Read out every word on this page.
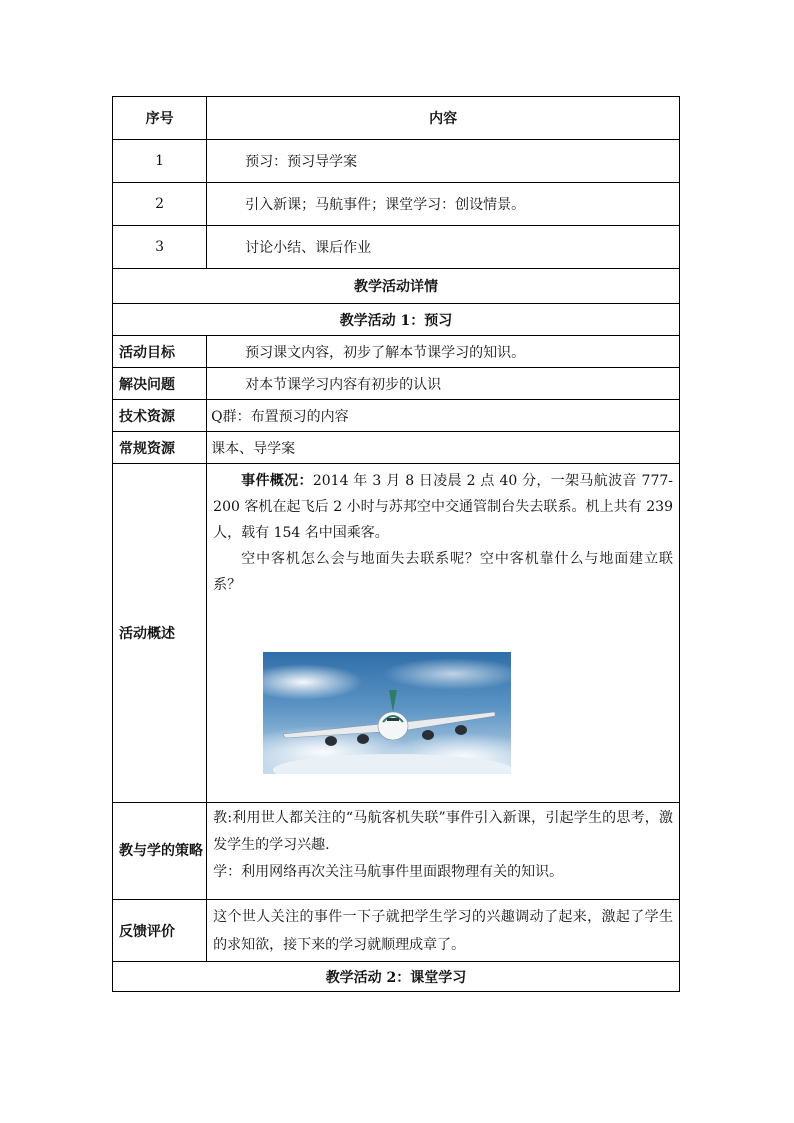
序号	内容
1	预习：预习导学案
2	引入新课；马航事件；课堂学习：创设情景。
3	讨论小结、课后作业
教学活动详情	
教学活动 1：预习	
活动目标	预习课文内容，初步了解本节课学习的知识。
解决问题	对本节课学习内容有初步的认识
技术资源	Q群：布置预习的内容
常规资源	课本、导学案
活动概述	事件概况：2014 年 3 月 8 日凌晨 2 点 40 分，一架马航波音 777-200 客机在起飞后 2 小时与苏邦空中交通管制台失去联系。机上共有 239 人，载有 154 名中国乘客。

空中客机怎么会与地面失去联系呢？空中客机靠什么与地面建立联系？

教与学的策略	教:利用世人都关注的“马航客机失联”事件引入新课，引起学生的思考，激发学生的学习兴趣.

学：利用网络再次关注马航事件里面跟物理有关的知识。

反馈评价	这个世人关注的事件一下子就把学生学习的兴趣调动了起来，激起了学生的求知欲，接下来的学习就顺理成章了。
教学活动 2：课堂学习	
